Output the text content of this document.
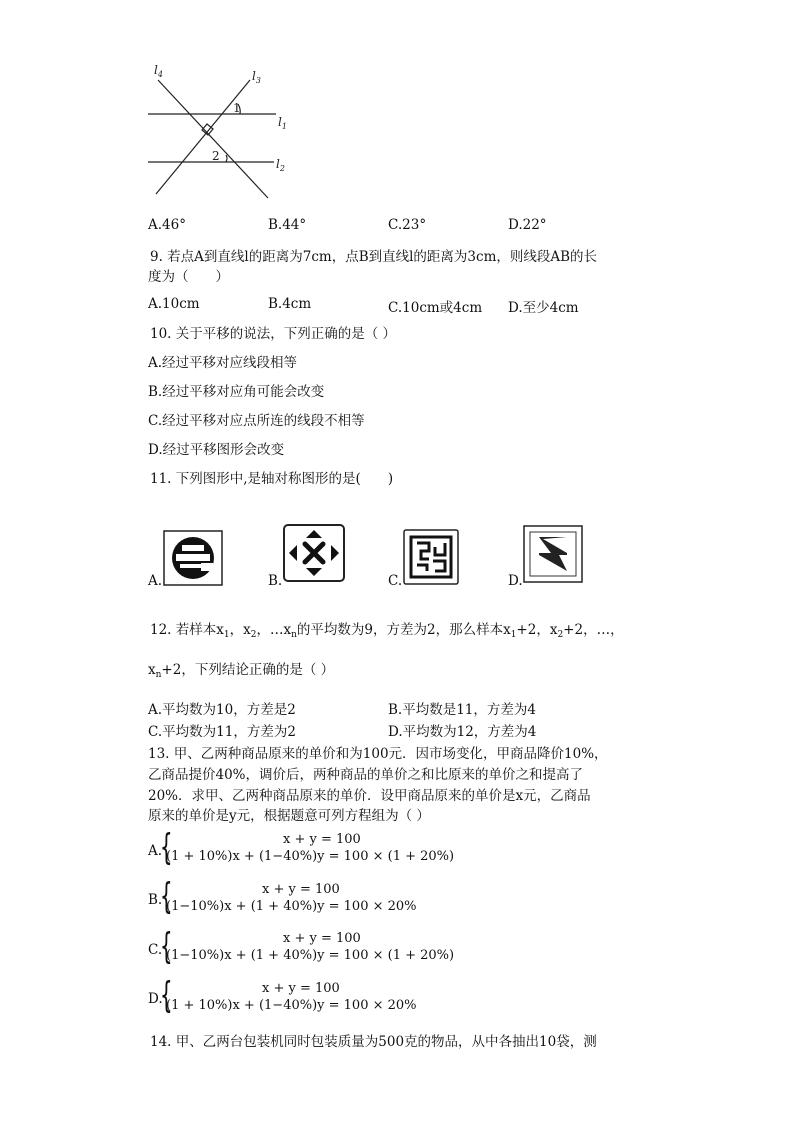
$l_4$	$l_3$
$l_1$
$l_2$
1
2
A.46°	B.44°	C.23°	D.22°
9. 若点A到直线l的距离为7cm，点B到直线l的距离为3cm，则线段AB的长
度为（　　）
A.10cm	B.4cm	C.10cm或4cm D.至少4cm
10. 关于平移的说法，下列正确的是（ ）
A.经过平移对应线段相等
B.经过平移对应角可能会改变
C.经过平移对应点所连的线段不相等
D.经过平移图形会改变
11. 下列图形中,是轴对称图形的是(　　)
A.	B.	C.	D.
12. 若样本$x_1$，$x_2$，$\dots x_n$的平均数为9，方差为2，那么样本$x_1+2$，$x_2+2$，…，
$x_n+2$，下列结论正确的是（ ）
A.平均数为10，方差是2	B.平均数是11，方差为4
C.平均数为11，方差为2	D.平均数为12，方差为4
13. 甲、乙两种商品原来的单价和为100元．因市场变化，甲商品降价10%，
乙商品提价40%，调价后，两种商品的单价之和比原来的单价之和提高了
20%．求甲、乙两种商品原来的单价．设甲商品原来的单价是x元，乙商品
原来的单价是y元，根据题意可列方程组为（ ）
A.
{	x + y = 100
(1 + 10%)x + (1−40%)y = 100 × (1 + 20%)
B.
{	x + y = 100
(1−10%)x + (1 + 40%)y = 100 × 20%
C.
{	x + y = 100
(1−10%)x + (1 + 40%)y = 100 × (1 + 20%)
D.
{	x + y = 100
(1 + 10%)x + (1−40%)y = 100 × 20%
14. 甲、乙两台包装机同时包装质量为500克的物品，从中各抽出10袋，测
